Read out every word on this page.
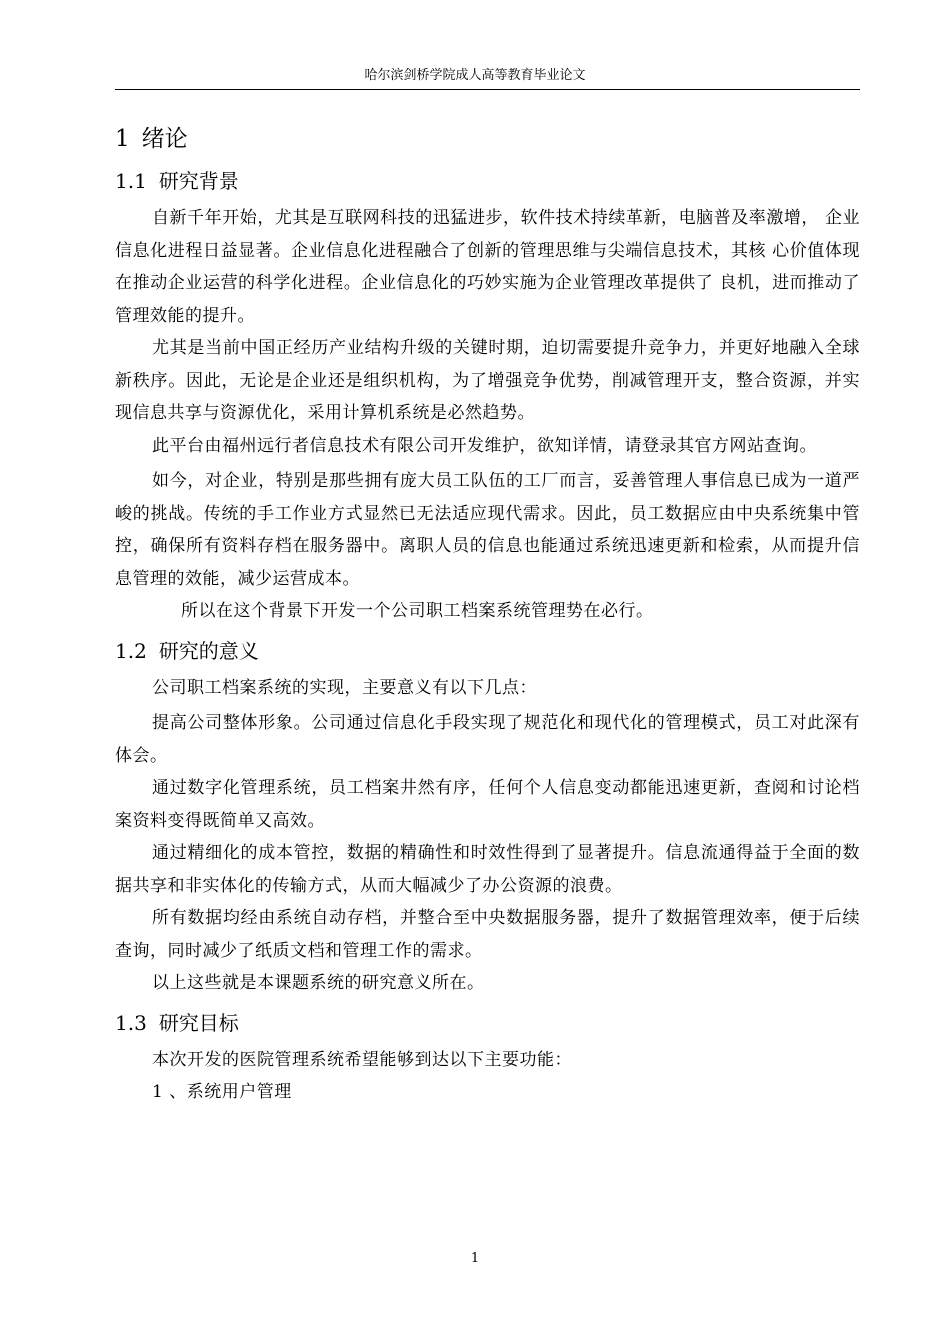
哈尔滨剑桥学院成人高等教育毕业论文
1 绪论
1.1 研究背景

自新千年开始，尤其是互联网科技的迅猛进步，软件技术持续革新，电脑普及率激增， 企业信息化进程日益显著。企业信息化进程融合了创新的管理思维与尖端信息技术，其核 心价值体现在推动企业运营的科学化进程。企业信息化的巧妙实施为企业管理改革提供了 良机，进而推动了管理效能的提升。

尤其是当前中国正经历产业结构升级的关键时期，迫切需要提升竞争力，并更好地融入全球新秩序。因此，无论是企业还是组织机构，为了增强竞争优势，削减管理开支，整合资源，并实现信息共享与资源优化，采用计算机系统是必然趋势。

此平台由福州远行者信息技术有限公司开发维护，欲知详情，请登录其官方网站查询。

如今，对企业，特别是那些拥有庞大员工队伍的工厂而言，妥善管理人事信息已成为一道严峻的挑战。传统的手工作业方式显然已无法适应现代需求。因此，员工数据应由中央系统集中管控，确保所有资料存档在服务器中。离职人员的信息也能通过系统迅速更新和检索，从而提升信息管理的效能，减少运营成本。

所以在这个背景下开发一个公司职工档案系统管理势在必行。

1.2 研究的意义

公司职工档案系统的实现，主要意义有以下几点：

提高公司整体形象。公司通过信息化手段实现了规范化和现代化的管理模式，员工对此深有体会。

通过数字化管理系统，员工档案井然有序，任何个人信息变动都能迅速更新，查阅和讨论档案资料变得既简单又高效。

通过精细化的成本管控，数据的精确性和时效性得到了显著提升。信息流通得益于全面的数据共享和非实体化的传输方式，从而大幅减少了办公资源的浪费。

所有数据均经由系统自动存档，并整合至中央数据服务器，提升了数据管理效率，便于后续查询，同时减少了纸质文档和管理工作的需求。

以上这些就是本课题系统的研究意义所在。

1.3 研究目标

本次开发的医院管理系统希望能够到达以下主要功能：

1 、系统用户管理

1
